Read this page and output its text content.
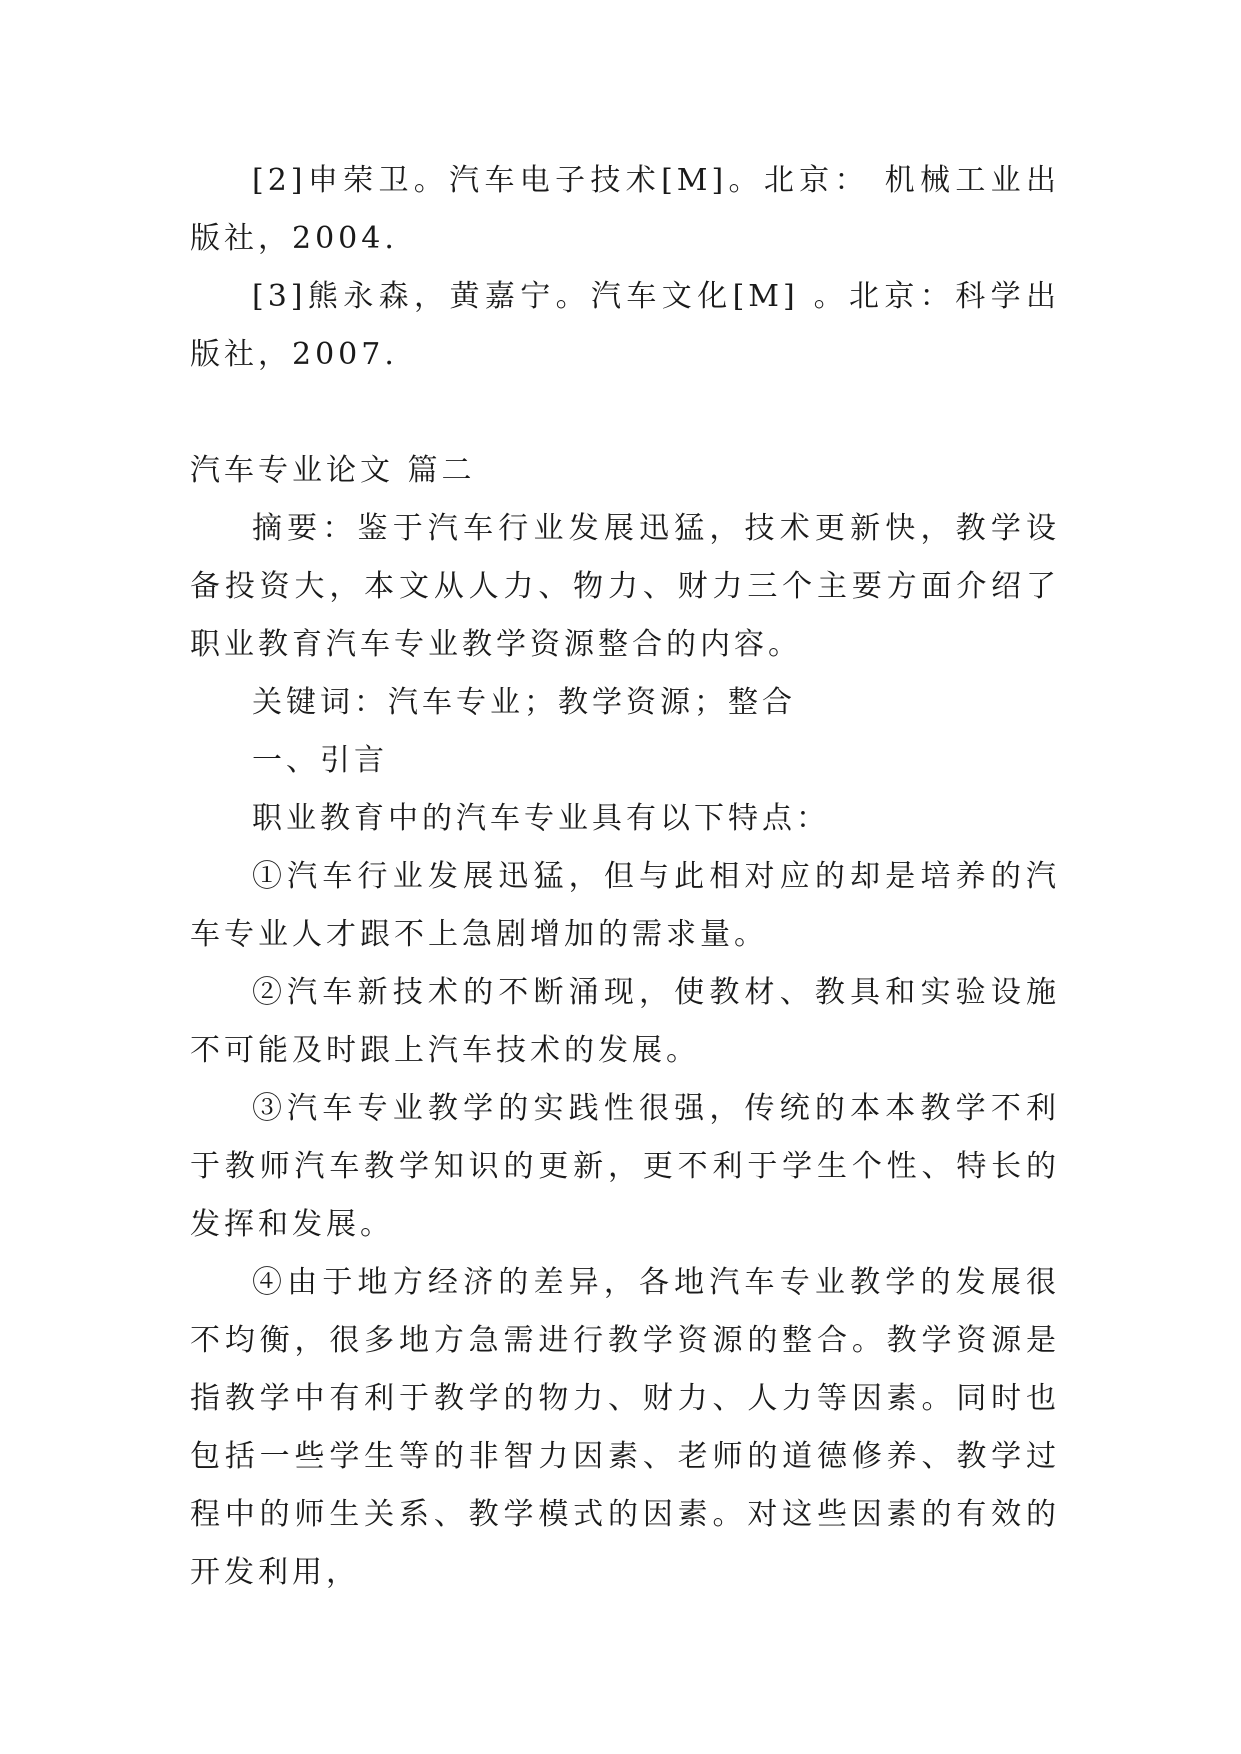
[2]申荣卫。汽车电子技术[M]。北京： 机械工业出版社，2004.

[3]熊永森，黄嘉宁。汽车文化[M] 。北京：科学出版社，2007.

汽车专业论文 篇二

摘要：鉴于汽车行业发展迅猛，技术更新快，教学设备投资大，本文从人力、物力、财力三个主要方面介绍了职业教育汽车专业教学资源整合的内容。

关键词：汽车专业；教学资源；整合

一、引言

职业教育中的汽车专业具有以下特点：

①汽车行业发展迅猛，但与此相对应的却是培养的汽车专业人才跟不上急剧增加的需求量。

②汽车新技术的不断涌现，使教材、教具和实验设施不可能及时跟上汽车技术的发展。

③汽车专业教学的实践性很强，传统的本本教学不利于教师汽车教学知识的更新，更不利于学生个性、特长的发挥和发展。

④由于地方经济的差异，各地汽车专业教学的发展很不均衡，很多地方急需进行教学资源的整合。教学资源是指教学中有利于教学的物力、财力、人力等因素。同时也包括一些学生等的非智力因素、老师的道德修养、教学过程中的师生关系、教学模式的因素。对这些因素的有效的开发利用，
